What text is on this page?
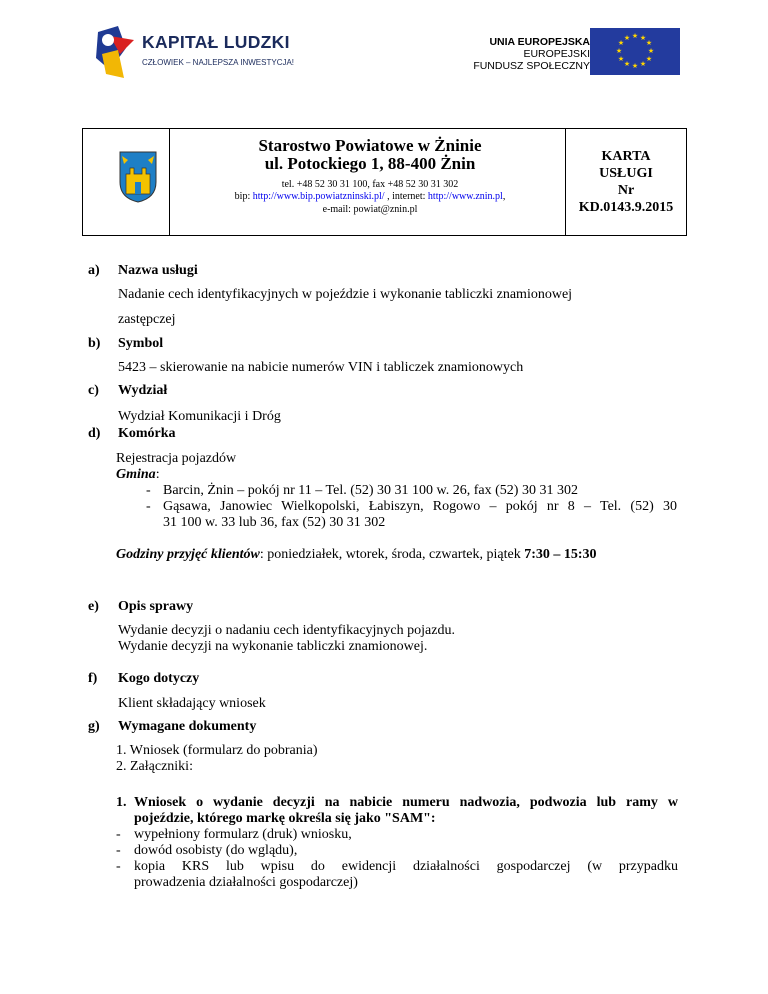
KAPITAŁ LUDZKI
CZŁOWIEK – NAJLEPSZA INWESTYCJA!
UNIA EUROPEJSKA
EUROPEJSKI
FUNDUSZ SPOŁECZNY
★ ★
★
★
★
★
★
★
★
★
★
★
Starostwo Powiatowe w Żninie
ul. Potockiego 1, 88-400 Żnin
tel. +48 52 30 31 100, fax +48 52 30 31 302
bip: http://www.bip.powiatzninski.pl/ , internet: http://www.znin.pl,
e-mail: powiat@znin.pl
KARTA
USŁUGI
Nr
KD.0143.9.2015
a) Nazwa usługi
Nadanie cech identyfikacyjnych w pojeździe i wykonanie tabliczki znamionowej
zastępczej
b) Symbol
5423 – skierowanie na nabicie numerów VIN i tabliczek znamionowych
c) Wydział
Wydział Komunikacji i Dróg
d) Komórka
Rejestracja pojazdów
Gmina:
- Barcin, Żnin – pokój nr 11 – Tel. (52) 30 31 100 w. 26, fax (52) 30 31 302
- Gąsawa, Janowiec Wielkopolski, Łabiszyn, Rogowo – pokój nr 8 – Tel. (52) 30
31 100 w. 33 lub 36, fax (52) 30 31 302
Godziny przyjęć klientów: poniedziałek, wtorek, środa, czwartek, piątek 7:30 – 15:30
e) Opis sprawy
Wydanie decyzji o nadaniu cech identyfikacyjnych pojazdu.
Wydanie decyzji na wykonanie tabliczki znamionowej.
f) Kogo dotyczy
Klient składający wniosek
g) Wymagane dokumenty
1. Wniosek (formularz do pobrania)
2. Załączniki:
1. Wniosek o wydanie decyzji na nabicie numeru nadwozia, podwozia lub ramy w
pojeździe, którego markę określa się jako "SAM":
- wypełniony formularz (druk) wniosku,
- dowód osobisty (do wglądu),
- kopia KRS lub wpisu do ewidencji działalności gospodarczej (w przypadku
prowadzenia działalności gospodarczej)
